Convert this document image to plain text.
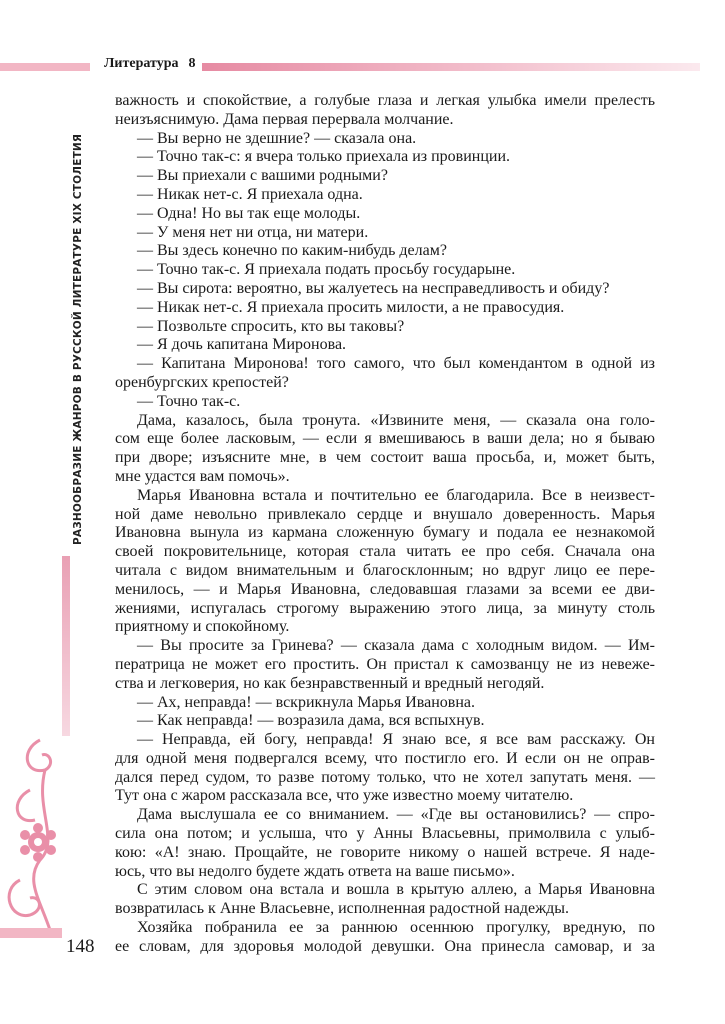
Литература 8
РАЗНООБРАЗИЕ ЖАНРОВ В РУССКОЙ ЛИТЕРАТУРЕ XIX СТОЛЕТИЯ
148
важность и спокойствие, а голубые глаза и легкая улыбка имели прелесть
неизъяснимую. Дама первая перервала молчание.
— Вы верно не здешние? — сказала она.
— Точно так-с: я вчера только приехала из провинции.
— Вы приехали с вашими родными?
— Никак нет-с. Я приехала одна.
— Одна! Но вы так еще молоды.
— У меня нет ни отца, ни матери.
— Вы здесь конечно по каким-нибудь делам?
— Точно так-с. Я приехала подать просьбу государыне.
— Вы сирота: вероятно, вы жалуетесь на несправедливость и обиду?
— Никак нет-с. Я приехала просить милости, а не правосудия.
— Позвольте спросить, кто вы таковы?
— Я дочь капитана Миронова.
— Капитана Миронова! того самого, что был комендантом в одной из
оренбургских крепостей?
— Точно так-с.
Дама, казалось, была тронута. «Извините меня, — сказала она голо-
сом еще более ласковым, — если я вмешиваюсь в ваши дела; но я бываю
при дворе; изъясните мне, в чем состоит ваша просьба, и, может быть,
мне удастся вам помочь».
Марья Ивановна встала и почтительно ее благодарила. Все в неизвест-
ной даме невольно привлекало сердце и внушало доверенность. Марья
Ивановна вынула из кармана сложенную бумагу и подала ее незнакомой
своей покровительнице, которая стала читать ее про себя. Сначала она
читала с видом внимательным и благосклонным; но вдруг лицо ее пере-
менилось, — и Марья Ивановна, следовавшая глазами за всеми ее дви-
жениями, испугалась строгому выражению этого лица, за минуту столь
приятному и спокойному.
— Вы просите за Гринева? — сказала дама с холодным видом. — Им-
ператрица не может его простить. Он пристал к самозванцу не из невеже-
ства и легковерия, но как безнравственный и вредный негодяй.
— Ах, неправда! — вскрикнула Марья Ивановна.
— Как неправда! — возразила дама, вся вспыхнув.
— Неправда, ей богу, неправда! Я знаю все, я все вам расскажу. Он
для одной меня подвергался всему, что постигло его. И если он не оправ-
дался перед судом, то разве потому только, что не хотел запутать меня. —
Тут она с жаром рассказала все, что уже известно моему читателю.
Дама выслушала ее со вниманием. — «Где вы остановились? — спро-
сила она потом; и услыша, что у Анны Власьевны, примолвила с улыб-
кою: «А! знаю. Прощайте, не говорите никому о нашей встрече. Я наде-
юсь, что вы недолго будете ждать ответа на ваше письмо».
С этим словом она встала и вошла в крытую аллею, а Марья Ивановна
возвратилась к Анне Власьевне, исполненная радостной надежды.
Хозяйка побранила ее за раннюю осеннюю прогулку, вредную, по
ее словам, для здоровья молодой девушки. Она принесла самовар, и за
